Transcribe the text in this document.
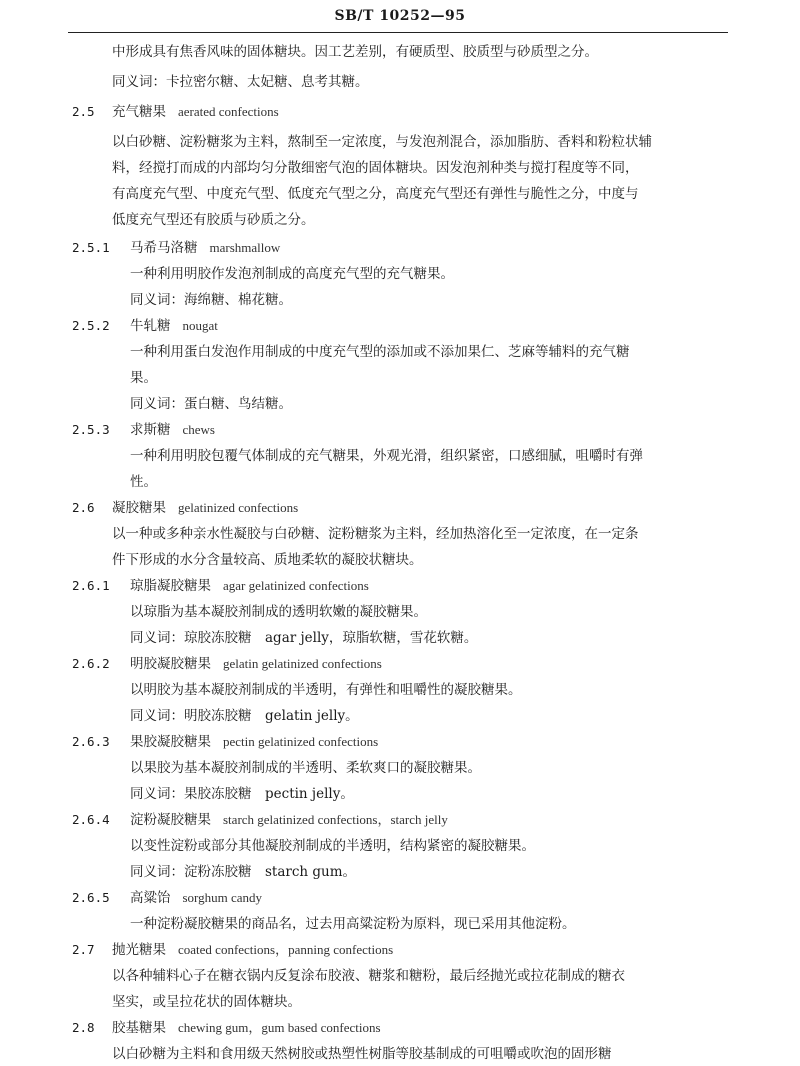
SB/T 10252—95
中形成具有焦香风味的固体糖块。因工艺差别，有硬质型、胶质型与砂质型之分。
同义词：卡拉密尔糖、太妃糖、息考其糖。
2.5 充气糖果 aerated confections
以白砂糖、淀粉糖浆为主料，熬制至一定浓度，与发泡剂混合，添加脂肪、香料和粉粒状辅
料，经搅打而成的内部均匀分散细密气泡的固体糖块。因发泡剂种类与搅打程度等不同，
有高度充气型、中度充气型、低度充气型之分，高度充气型还有弹性与脆性之分，中度与
低度充气型还有胶质与砂质之分。
2.5.1 马希马洛糖 marshmallow
一种利用明胶作发泡剂制成的高度充气型的充气糖果。
同义词：海绵糖、棉花糖。
2.5.2 牛轧糖 nougat
一种利用蛋白发泡作用制成的中度充气型的添加或不添加果仁、芝麻等辅料的充气糖
果。
同义词：蛋白糖、鸟结糖。
2.5.3 求斯糖 chews
一种利用明胶包覆气体制成的充气糖果，外观光滑，组织紧密，口感细腻，咀嚼时有弹
性。
2.6 凝胶糖果 gelatinized confections
以一种或多种亲水性凝胶与白砂糖、淀粉糖浆为主料，经加热溶化至一定浓度，在一定条
件下形成的水分含量较高、质地柔软的凝胶状糖块。
2.6.1 琼脂凝胶糖果 agar gelatinized confections
以琼脂为基本凝胶剂制成的透明软嫩的凝胶糖果。
同义词：琼胶冻胶糖　agar jelly，琼脂软糖，雪花软糖。
2.6.2 明胶凝胶糖果 gelatin gelatinized confections
以明胶为基本凝胶剂制成的半透明，有弹性和咀嚼性的凝胶糖果。
同义词：明胶冻胶糖　gelatin jelly。
2.6.3 果胶凝胶糖果 pectin gelatinized confections
以果胶为基本凝胶剂制成的半透明、柔软爽口的凝胶糖果。
同义词：果胶冻胶糖　pectin jelly。
2.6.4 淀粉凝胶糖果 starch gelatinized confections，starch jelly
以变性淀粉或部分其他凝胶剂制成的半透明，结构紧密的凝胶糖果。
同义词：淀粉冻胶糖　starch gum。
2.6.5 高粱饴 sorghum candy
一种淀粉凝胶糖果的商品名，过去用高粱淀粉为原料，现已采用其他淀粉。
2.7 抛光糖果 coated confections，panning confections
以各种辅料心子在糖衣锅内反复涂布胶液、糖浆和糖粉，最后经抛光或拉花制成的糖衣
坚实，或呈拉花状的固体糖块。
2.8 胶基糖果 chewing gum，gum based confections
以白砂糖为主料和食用级天然树胶或热塑性树脂等胶基制成的可咀嚼或吹泡的固形糖
